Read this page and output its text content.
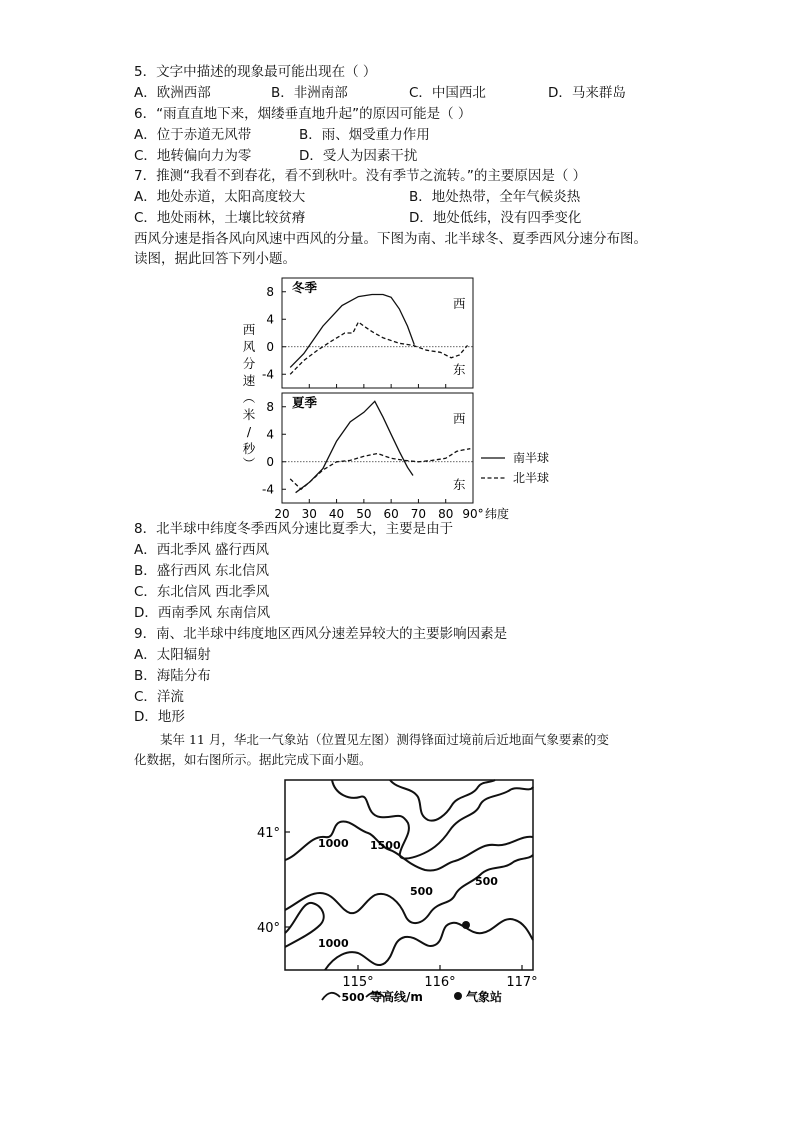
5．文字中描述的现象最可能出现在（ ）
A．欧洲西部	B．非洲南部	C．中国西北	D．马来群岛
6．“雨直直地下来，烟缕垂直地升起”的原因可能是（ ）
A．位于赤道无风带	B．雨、烟受重力作用
C．地转偏向力为零	D．受人为因素干扰
7．推测“我看不到春花，看不到秋叶。没有季节之流转。”的主要原因是（ ）
A．地处赤道，太阳高度较大	B．地处热带，全年气候炎热
C．地处雨林，土壤比较贫瘠	D．地处低纬，没有四季变化
西风分速是指各风向风速中西风的分量。下图为南、北半球冬、夏季西风分速分布图。
读图，据此回答下列小题。
西
风
分
速
︵
米
/
秒
︶
8
4
0
-4
冬季
西
东
8
4
0
-4
夏季
西
东
20 30 40 50 60 70 80 90° 纬度
南半球
北半球
8．北半球中纬度冬季西风分速比夏季大，主要是由于
A．西北季风 盛行西风
B．盛行西风 东北信风
C．东北信风 西北季风
D．西南季风 东南信风
9．南、北半球中纬度地区西风分速差异较大的主要影响因素是
A．太阳辐射
B．海陆分布
C．洋流
D．地形
某年 11 月，华北一气象站（位置见左图）测得锋面过境前后近地面气象要素的变
化数据，如右图所示。据此完成下面小题。
41°
40°
115°	116°	117°
1000 1500
500
500
1000
500 等高线/m	气象站
